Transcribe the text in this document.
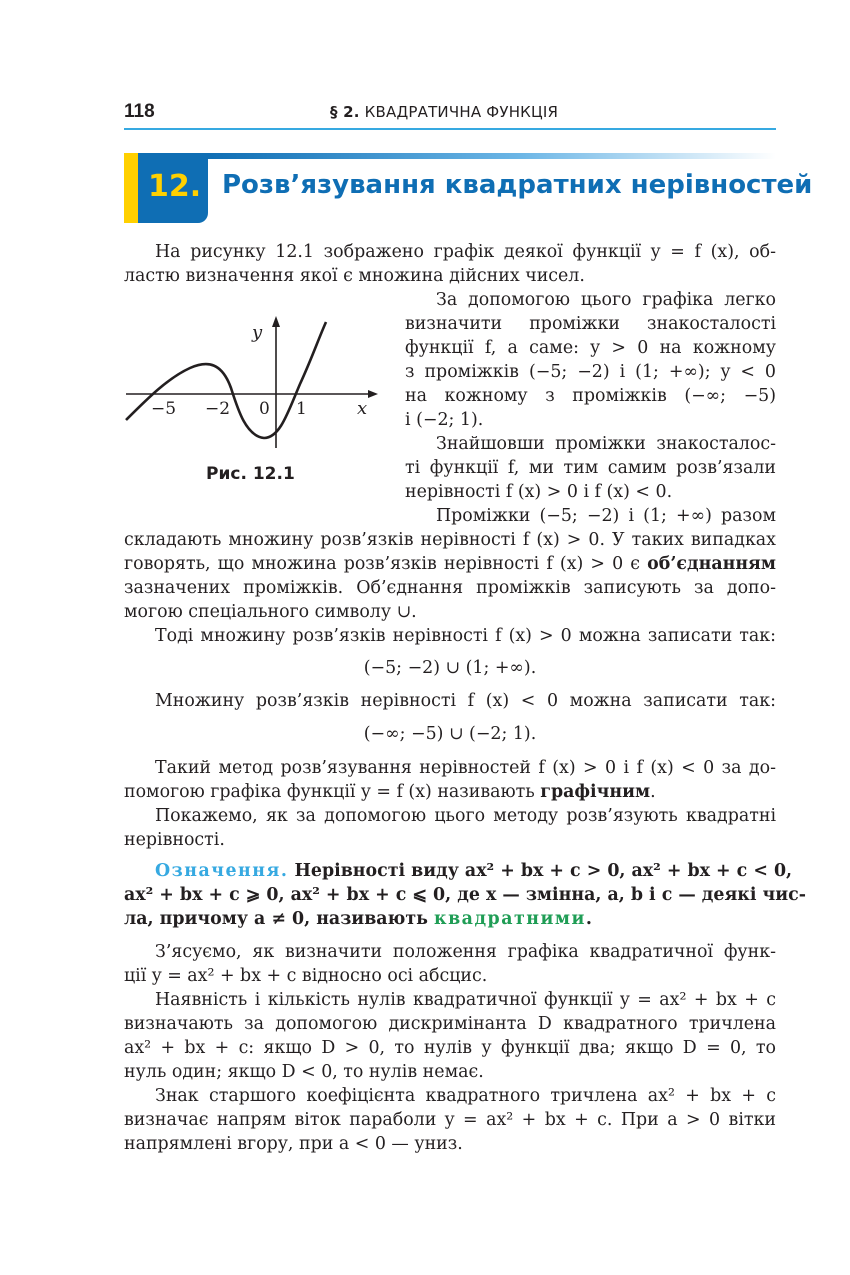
118	§ 2. КВАДРАТИЧНА ФУНКЦІЯ
12. Розв’язування квадратних нерівностей
y
x
−5 −2 0 1
Рис. 12.1
На рисунку 12.1 зображено графік деякої функції y = f (x), об-
ластю визначення якої є множина дійсних чисел.
За допомогою цього графіка легко
визначити проміжки знакосталості
функції f, а саме: y > 0 на кожному
з проміжків (−5; −2) і (1; +∞); y < 0
на кожному з проміжків (−∞; −5)
і (−2; 1).
Знайшовши проміжки знакосталос-
ті функції f, ми тим самим розв’язали
нерівності f (x) > 0 і f (x) < 0.
Проміжки (−5; −2) і (1; +∞) разом
складають множину розв’язків нерівності f (x) > 0. У таких випадках
говорять, що множина розв’язків нерівності f (x) > 0 є об’єднанням
зазначених проміжків. Об’єднання проміжків записують за допо-
могою спеціального символу ∪.
Тоді множину розв’язків нерівності f (x) > 0 можна записати так:
(−5; −2) ∪ (1; +∞).
Множину розв’язків нерівності f (x) < 0 можна записати так:
(−∞; −5) ∪ (−2; 1).
Такий метод розв’язування нерівностей f (x) > 0 і f (x) < 0 за до-
помогою графіка функції y = f (x) називають графічним.
Покажемо, як за допомогою цього методу розв’язують квадратні
нерівності.
Означення. Нерівності виду ax² + bx + c > 0, ax² + bx + c < 0,
ax² + bx + c ⩾ 0, ax² + bx + c ⩽ 0, де x — змінна, a, b і c — деякі чис-
ла, причому a ≠ 0, називають квадратними.
З’ясуємо, як визначити положення графіка квадратичної функ-
ції y = ax² + bx + c відносно осі абсцис.
Наявність і кількість нулів квадратичної функції y = ax² + bx + c
визначають за допомогою дискримінанта D квадратного тричлена
ax² + bx + c: якщо D > 0, то нулів у функції два; якщо D = 0, то
нуль один; якщо D < 0, то нулів немає.
Знак старшого коефіцієнта квадратного тричлена ax² + bx + c
визначає напрям віток параболи y = ax² + bx + c. При a > 0 вітки
напрямлені вгору, при a < 0 — униз.
